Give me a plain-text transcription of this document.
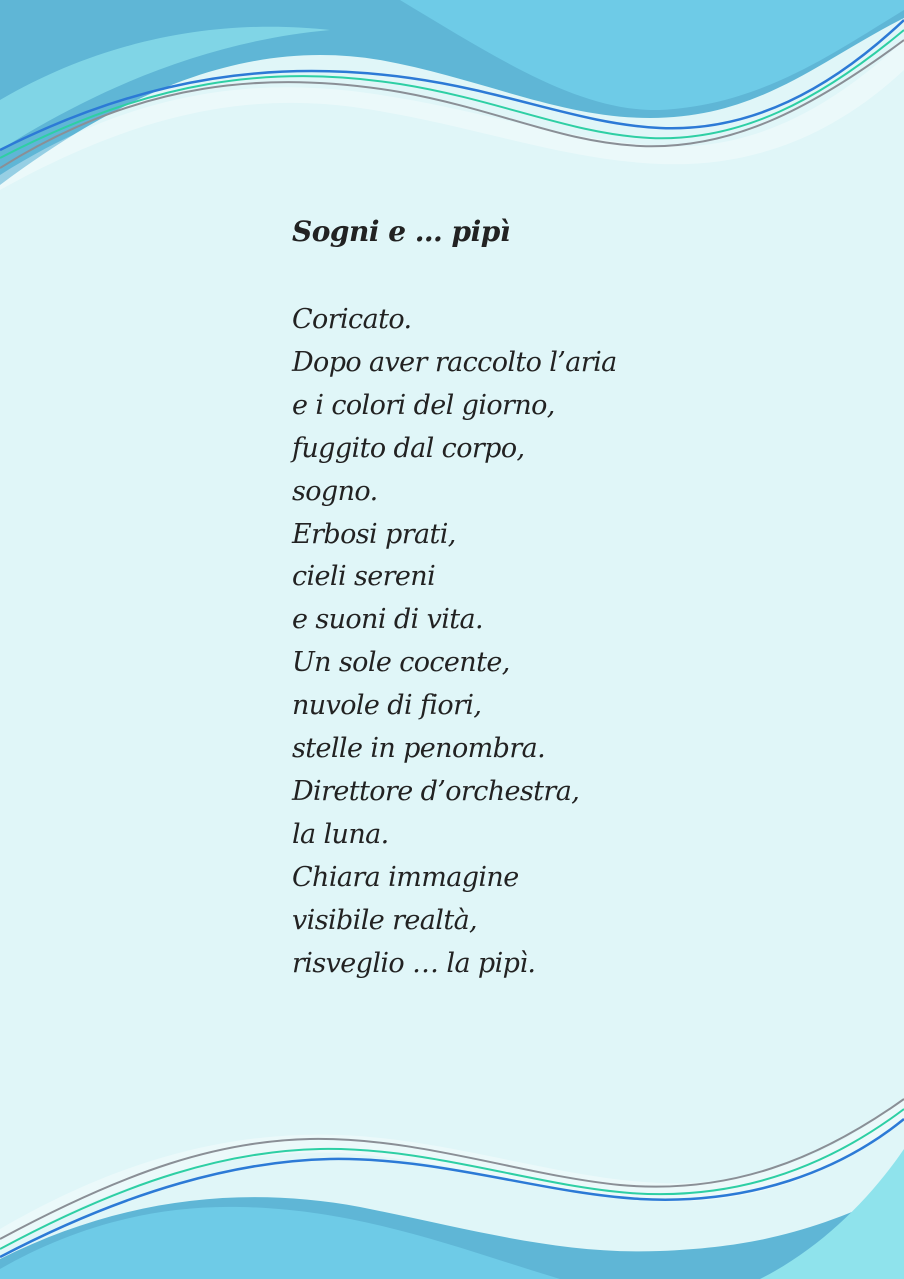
Sogni e … pipì
Coricato.
Dopo aver raccolto l’aria
e i colori del giorno,
fuggito dal corpo,
sogno.
Erbosi prati,
cieli sereni
e suoni di vita.
Un sole cocente,
nuvole di fiori,
stelle in penombra.
Direttore d’orchestra,
la luna.
Chiara immagine
visibile realtà,
risveglio … la pipì.
